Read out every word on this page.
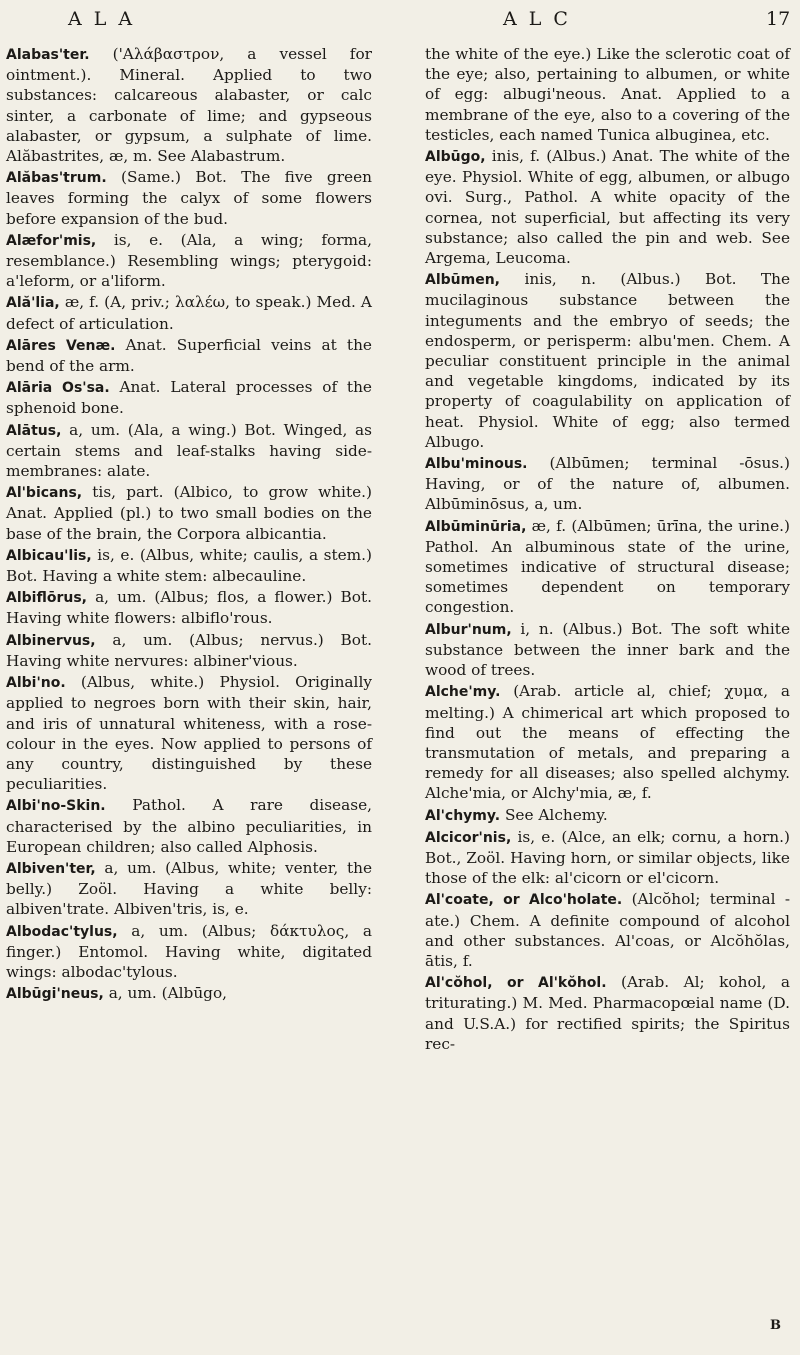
A L A	A L C	17

Alabas'ter. ('Αλάβαστρον, a vessel for ointment.). Mineral. Applied to two substances: calcareous alabaster, or calc sinter, a carbonate of lime; and gypseous alabaster, or gypsum, a sulphate of lime. Alăbastrites, æ, m. See Alabastrum.

Alăbas'trum. (Same.) Bot. The five green leaves forming the calyx of some flowers before expansion of the bud.

Alæfor'mis, is, e. (Ala, a wing; forma, resemblance.) Resembling wings; pterygoid: a'leform, or a'liform.

Ală'lia, æ, f. (A, priv.; λαλέω, to speak.) Med. A defect of articulation.

Alāres Venæ. Anat. Superficial veins at the bend of the arm.

Alāria Os'sa. Anat. Lateral processes of the sphenoid bone.

Alātus, a, um. (Ala, a wing.) Bot. Winged, as certain stems and leaf-stalks having side-membranes: alate.

Al'bicans, tis, part. (Albico, to grow white.) Anat. Applied (pl.) to two small bodies on the base of the brain, the Corpora albicantia.

Albicau'lis, is, e. (Albus, white; caulis, a stem.) Bot. Having a white stem: albecauline.

Albiflōrus, a, um. (Albus; flos, a flower.) Bot. Having white flowers: albiflo'rous.

Albinervus, a, um. (Albus; nervus.) Bot. Having white nervures: albiner'vious.

Albi'no. (Albus, white.) Physiol. Originally applied to negroes born with their skin, hair, and iris of unnatural whiteness, with a rose-colour in the eyes. Now applied to persons of any country, distinguished by these peculiarities.

Albi'no-Skin. Pathol. A rare disease, characterised by the albino peculiarities, in European children; also called Alphosis.

Albiven'ter, a, um. (Albus, white; venter, the belly.) Zoöl. Having a white belly: albiven'trate. Albiven'tris, is, e.

Albodac'tylus, a, um. (Albus; δάκτυλος, a finger.) Entomol. Having white, digitated wings: albodac'tylous.

Albūgi'neus, a, um. (Albūgo,

the white of the eye.) Like the sclerotic coat of the eye; also, pertaining to albumen, or white of egg: albugi'neous. Anat. Applied to a membrane of the eye, also to a covering of the testicles, each named Tunica albuginea, etc.

Albūgo, inis, f. (Albus.) Anat. The white of the eye. Physiol. White of egg, albumen, or albugo ovi. Surg., Pathol. A white opacity of the cornea, not superficial, but affecting its very substance; also called the pin and web. See Argema, Leucoma.

Albūmen, inis, n. (Albus.) Bot. The mucilaginous substance between the integuments and the embryo of seeds; the endosperm, or perisperm: albu'men. Chem. A peculiar constituent principle in the animal and vegetable kingdoms, indicated by its property of coagulability on application of heat. Physiol. White of egg; also termed Albugo.

Albu'minous. (Albūmen; terminal -ōsus.) Having, or of the nature of, albumen. Albūminōsus, a, um.

Albūminūria, æ, f. (Albūmen; ūrīna, the urine.) Pathol. An albuminous state of the urine, sometimes indicative of structural disease; sometimes dependent on temporary congestion.

Albur'num, i, n. (Albus.) Bot. The soft white substance between the inner bark and the wood of trees.

Alche'my. (Arab. article al, chief; χυμα, a melting.) A chimerical art which proposed to find out the means of effecting the transmutation of metals, and preparing a remedy for all diseases; also spelled alchymy. Alche'mia, or Alchy'mia, æ, f.

Al'chymy. See Alchemy.

Alcicor'nis, is, e. (Alce, an elk; cornu, a horn.) Bot., Zoöl. Having horn, or similar objects, like those of the elk: al'cicorn or el'cicorn.

Al'coate, or Alco'holate. (Alcŏhol; terminal -ate.) Chem. A definite compound of alcohol and other substances. Al'coas, or Alcŏhŏlas, ātis, f.

Al'cŏhol, or Al'kŏhol. (Arab. Al; kohol, a triturating.) M. Med. Pharmacopœial name (D. and U.S.A.) for rectified spirits; the Spiritus rec-

B
